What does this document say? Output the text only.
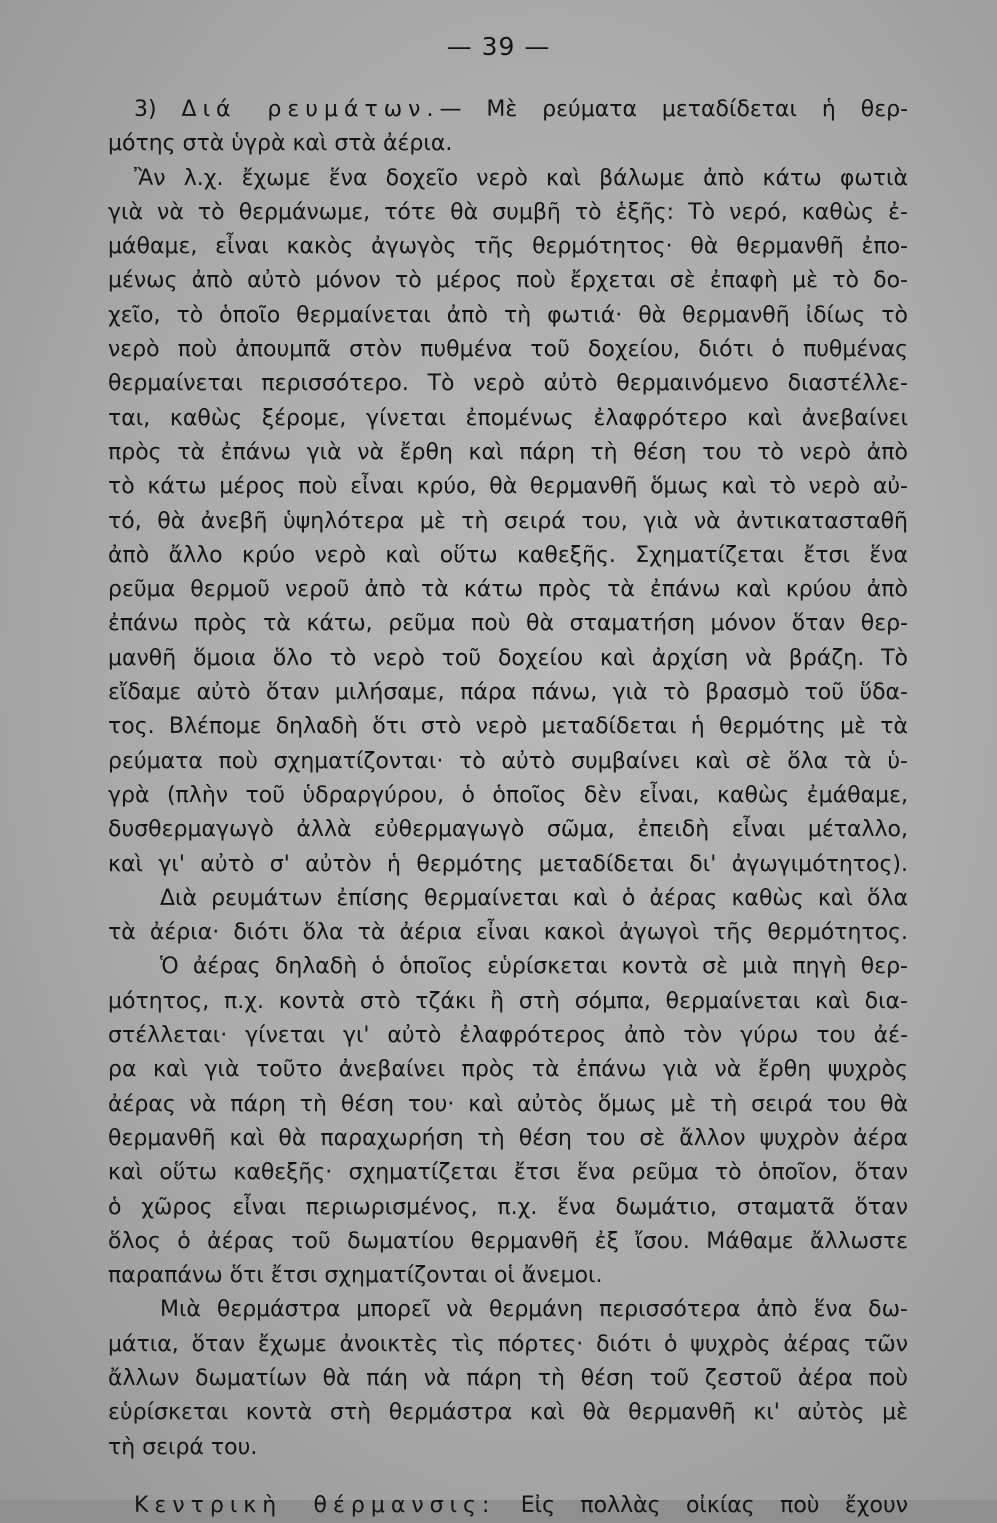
— 39 —
3) Διά ρευμάτων.— Μὲ ρεύματα μεταδίδεται ἡ θερ-
μότης στὰ ὑγρὰ καὶ στὰ ἀέρια.
Ἂν λ.χ. ἔχωμε ἕνα δοχεῖο νερὸ καὶ βάλωμε ἀπὸ κάτω φωτιὰ
γιὰ νὰ τὸ θερμάνωμε, τότε θὰ συμβῆ τὸ ἑξῆς: Τὸ νερό, καθὼς ἐ-
μάθαμε, εἶναι κακὸς ἀγωγὸς τῆς θερμότητος· θὰ θερμανθῆ ἐπο-
μένως ἀπὸ αὐτὸ μόνον τὸ μέρος ποὺ ἔρχεται σὲ ἐπαφὴ μὲ τὸ δο-
χεῖο, τὸ ὁποῖο θερμαίνεται ἀπὸ τὴ φωτιά· θὰ θερμανθῆ ἰδίως τὸ
νερὸ ποὺ ἀπουμπᾶ στὸν πυθμένα τοῦ δοχείου, διότι ὁ πυθμένας
θερμαίνεται περισσότερο. Τὸ νερὸ αὐτὸ θερμαινόμενο διαστέλλε-
ται, καθὼς ξέρομε, γίνεται ἐπομένως ἐλαφρότερο καὶ ἀνεβαίνει
πρὸς τὰ ἐπάνω γιὰ νὰ ἔρθη καὶ πάρη τὴ θέση του τὸ νερὸ ἀπὸ
τὸ κάτω μέρος ποὺ εἶναι κρύο, θὰ θερμανθῆ ὅμως καὶ τὸ νερὸ αὐ-
τό, θὰ ἀνεβῆ ὑψηλότερα μὲ τὴ σειρά του, γιὰ νὰ ἀντικατασταθῆ
ἀπὸ ἄλλο κρύο νερὸ καὶ οὕτω καθεξῆς. Σχηματίζεται ἔτσι ἕνα
ρεῦμα θερμοῦ νεροῦ ἀπὸ τὰ κάτω πρὸς τὰ ἐπάνω καὶ κρύου ἀπὸ
ἐπάνω πρὸς τὰ κάτω, ρεῦμα ποὺ θὰ σταματήση μόνον ὅταν θερ-
μανθῆ ὅμοια ὅλο τὸ νερὸ τοῦ δοχείου καὶ ἀρχίση νὰ βράζη. Τὸ
εἴδαμε αὐτὸ ὅταν μιλήσαμε, πάρα πάνω, γιὰ τὸ βρασμὸ τοῦ ὕδα-
τος. Βλέπομε δηλαδὴ ὅτι στὸ νερὸ μεταδίδεται ἡ θερμότης μὲ τὰ
ρεύματα ποὺ σχηματίζονται· τὸ αὐτὸ συμβαίνει καὶ σὲ ὅλα τὰ ὑ-
γρὰ (πλὴν τοῦ ὑδραργύρου, ὁ ὁποῖος δὲν εἶναι, καθὼς ἐμάθαμε,
δυσθερμαγωγὸ ἀλλὰ εὐθερμαγωγὸ σῶμα, ἐπειδὴ εἶναι μέταλλο,
καὶ γι' αὐτὸ σ' αὐτὸν ἡ θερμότης μεταδίδεται δι' ἀγωγιμότητος).
Διὰ ρευμάτων ἐπίσης θερμαίνεται καὶ ὁ ἀέρας καθὼς καὶ ὅλα
τὰ ἀέρια· διότι ὅλα τὰ ἀέρια εἶναι κακοὶ ἀγωγοὶ τῆς θερμότητος.
Ὁ ἀέρας δηλαδὴ ὁ ὁποῖος εὑρίσκεται κοντὰ σὲ μιὰ πηγὴ θερ-
μότητος, π.χ. κοντὰ στὸ τζάκι ἢ στὴ σόμπα, θερμαίνεται καὶ δια-
στέλλεται· γίνεται γι' αὐτὸ ἐλαφρότερος ἀπὸ τὸν γύρω του ἀέ-
ρα καὶ γιὰ τοῦτο ἀνεβαίνει πρὸς τὰ ἐπάνω γιὰ νὰ ἔρθη ψυχρὸς
ἀέρας νὰ πάρη τὴ θέση του· καὶ αὐτὸς ὅμως μὲ τὴ σειρά του θὰ
θερμανθῆ καὶ θὰ παραχωρήση τὴ θέση του σὲ ἄλλον ψυχρὸν ἀέρα
καὶ οὕτω καθεξῆς· σχηματίζεται ἔτσι ἕνα ρεῦμα τὸ ὁποῖον, ὅταν
ὁ χῶρος εἶναι περιωρισμένος, π.χ. ἕνα δωμάτιο, σταματᾶ ὅταν
ὅλος ὁ ἀέρας τοῦ δωματίου θερμανθῆ ἐξ ἴσου. Μάθαμε ἄλλωστε
παραπάνω ὅτι ἔτσι σχηματίζονται οἱ ἄνεμοι.
Μιὰ θερμάστρα μπορεῖ νὰ θερμάνη περισσότερα ἀπὸ ἕνα δω-
μάτια, ὅταν ἔχωμε ἀνοικτὲς τὶς πόρτες· διότι ὁ ψυχρὸς ἀέρας τῶν
ἄλλων δωματίων θὰ πάη νὰ πάρη τὴ θέση τοῦ ζεστοῦ ἀέρα ποὺ
εὑρίσκεται κοντὰ στὴ θερμάστρα καὶ θὰ θερμανθῆ κι' αὐτὸς μὲ
τὴ σειρά του.
Κεντρικὴ θέρμανσις: Εἰς πολλὰς οἰκίας ποὺ ἔχουν
